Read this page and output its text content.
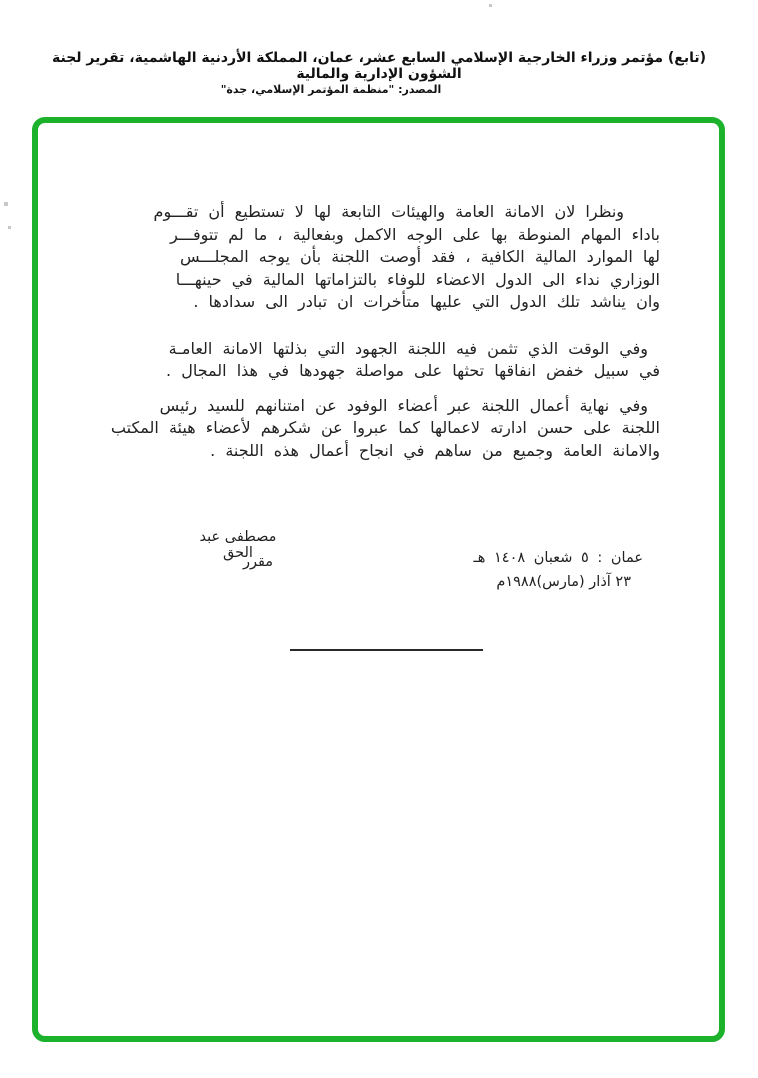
(تابع) مؤتمر وزراء الخارجية الإسلامي السابع عشر، عمان، المملكة الأردنية الهاشمية، تقرير لجنة الشؤون الإدارية والمالية
المصدر: "منظمة المؤتمر الإسلامي، جدة"
ونظرا لان الامانة العامة والهيئات التابعة لها لا تستطيع أن تقـــوم
باداء المهام المنوطة بها على الوجه الاكمل وبفعالية ، ما لم تتوفـــر
لها الموارد المالية الكافية ، فقد أوصت اللجنة بأن يوجه المجلـــس
الوزاري نداء الى الدول الاعضاء للوفاء بالتزاماتها المالية في حينهـــا
وان يناشد تلك الدول التي عليها متأخرات ان تبادر الى سدادها .
وفي الوقت الذي تثمن فيه اللجنة الجهود التي بذلتها الامانة العامـة
في سبيل خفض انفاقها تحثها على مواصلة جهودها في هذا المجال .
وفي نهاية أعمال اللجنة عبر أعضاء الوفود عن امتنانهم للسيد رئيس
اللجنة على حسن ادارته لاعمالها كما عبروا عن شكرهم لأعضاء هيئة المكتب
والامانة العامة وجميع من ساهم في انجاح أعمال هذه اللجنة .
مصطفى عبد الحق
مقرر	عمان : ٥ شعبان ١٤٠٨ هـ
٢٣ آذار (مارس)١٩٨٨م
